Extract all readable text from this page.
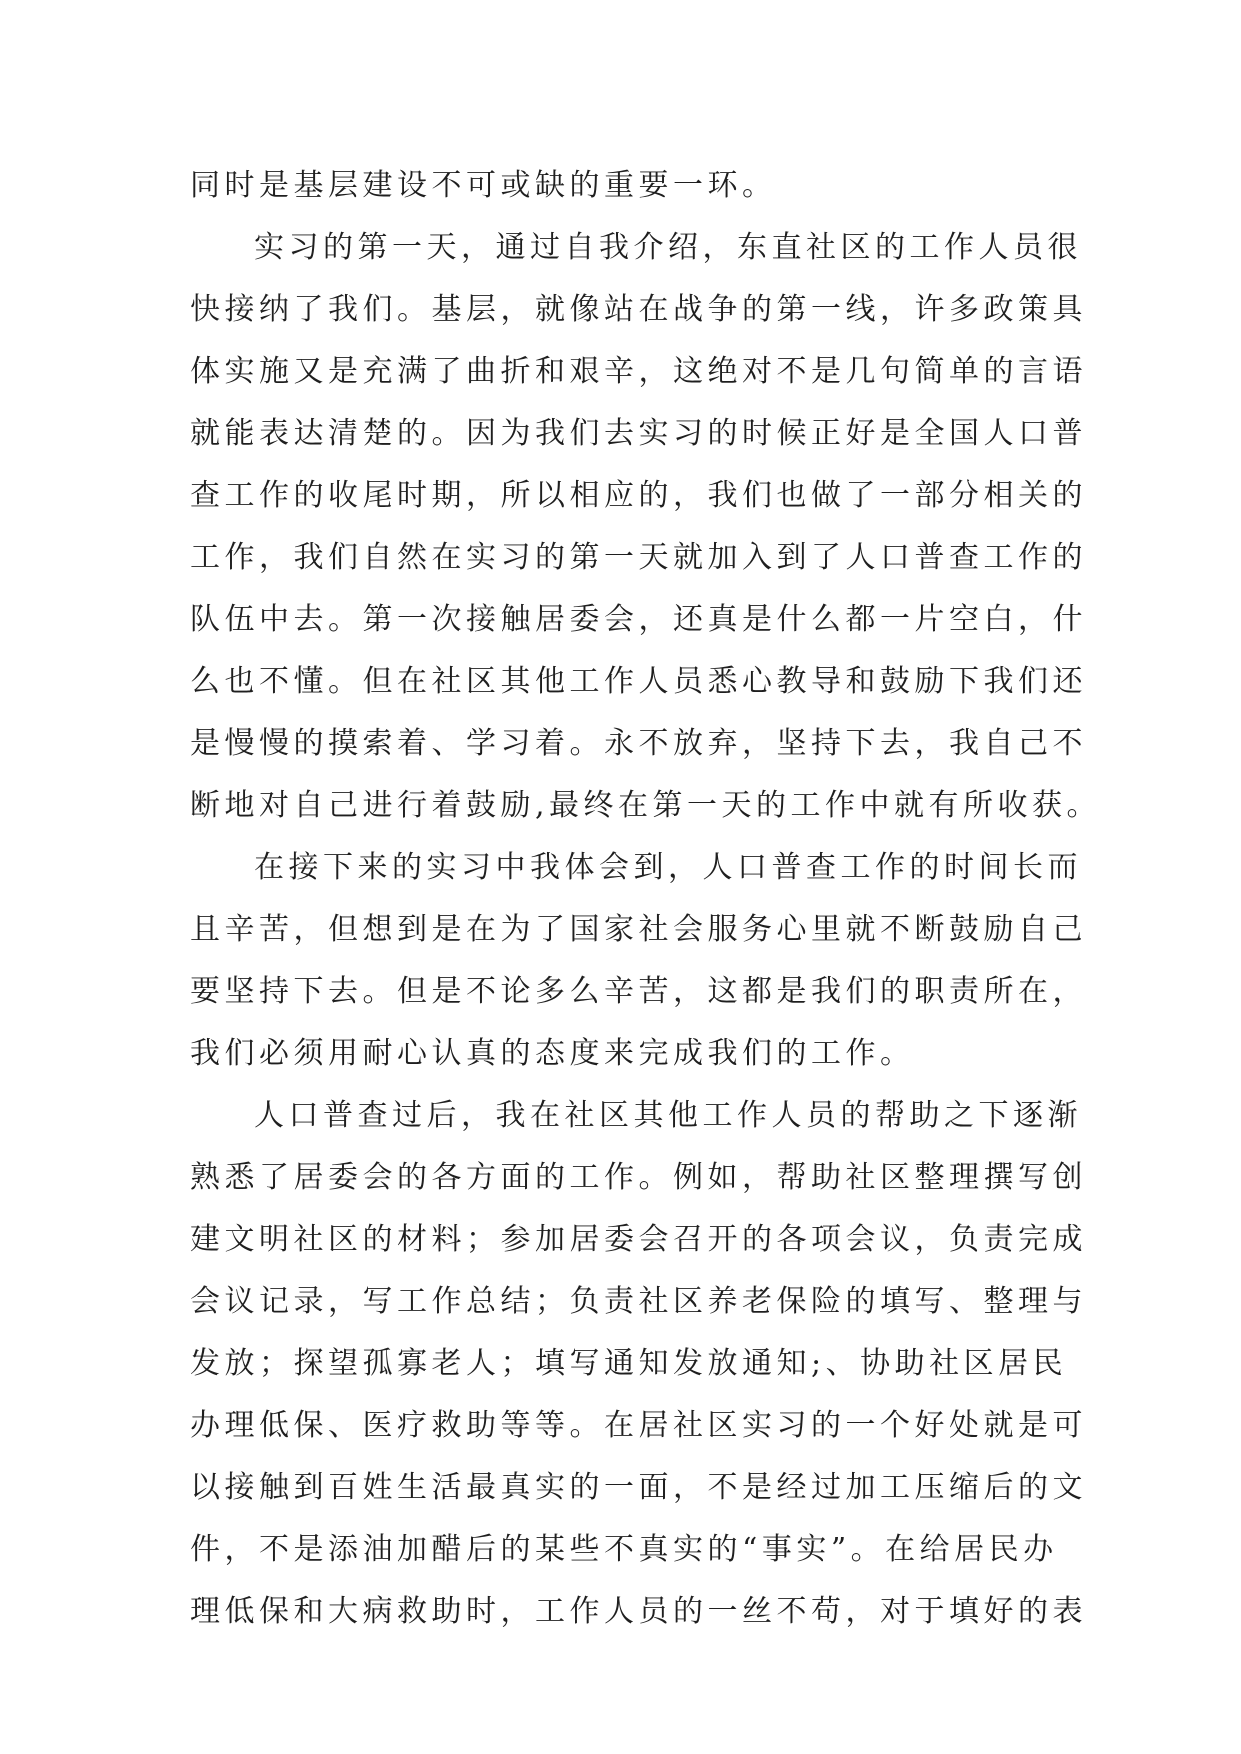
同时是基层建设不可或缺的重要一环。
实习的第一天，通过自我介绍，东直社区的工作人员很
快接纳了我们。基层，就像站在战争的第一线，许多政策具
体实施又是充满了曲折和艰辛，这绝对不是几句简单的言语
就能表达清楚的。因为我们去实习的时候正好是全国人口普
查工作的收尾时期，所以相应的，我们也做了一部分相关的
工作，我们自然在实习的第一天就加入到了人口普查工作的
队伍中去。第一次接触居委会，还真是什么都一片空白，什
么也不懂。但在社区其他工作人员悉心教导和鼓励下我们还
是慢慢的摸索着、学习着。永不放弃，坚持下去，我自己不
断地对自己进行着鼓励,最终在第一天的工作中就有所收获。
在接下来的实习中我体会到，人口普查工作的时间长而
且辛苦，但想到是在为了国家社会服务心里就不断鼓励自己
要坚持下去。但是不论多么辛苦，这都是我们的职责所在，
我们必须用耐心认真的态度来完成我们的工作。
人口普查过后，我在社区其他工作人员的帮助之下逐渐
熟悉了居委会的各方面的工作。例如，帮助社区整理撰写创
建文明社区的材料；参加居委会召开的各项会议，负责完成
会议记录，写工作总结；负责社区养老保险的填写、整理与
发放；探望孤寡老人；填写通知发放通知;、协助社区居民
办理低保、医疗救助等等。在居社区实习的一个好处就是可
以接触到百姓生活最真实的一面，不是经过加工压缩后的文
件，不是添油加醋后的某些不真实的“事实”。在给居民办
理低保和大病救助时，工作人员的一丝不苟，对于填好的表
